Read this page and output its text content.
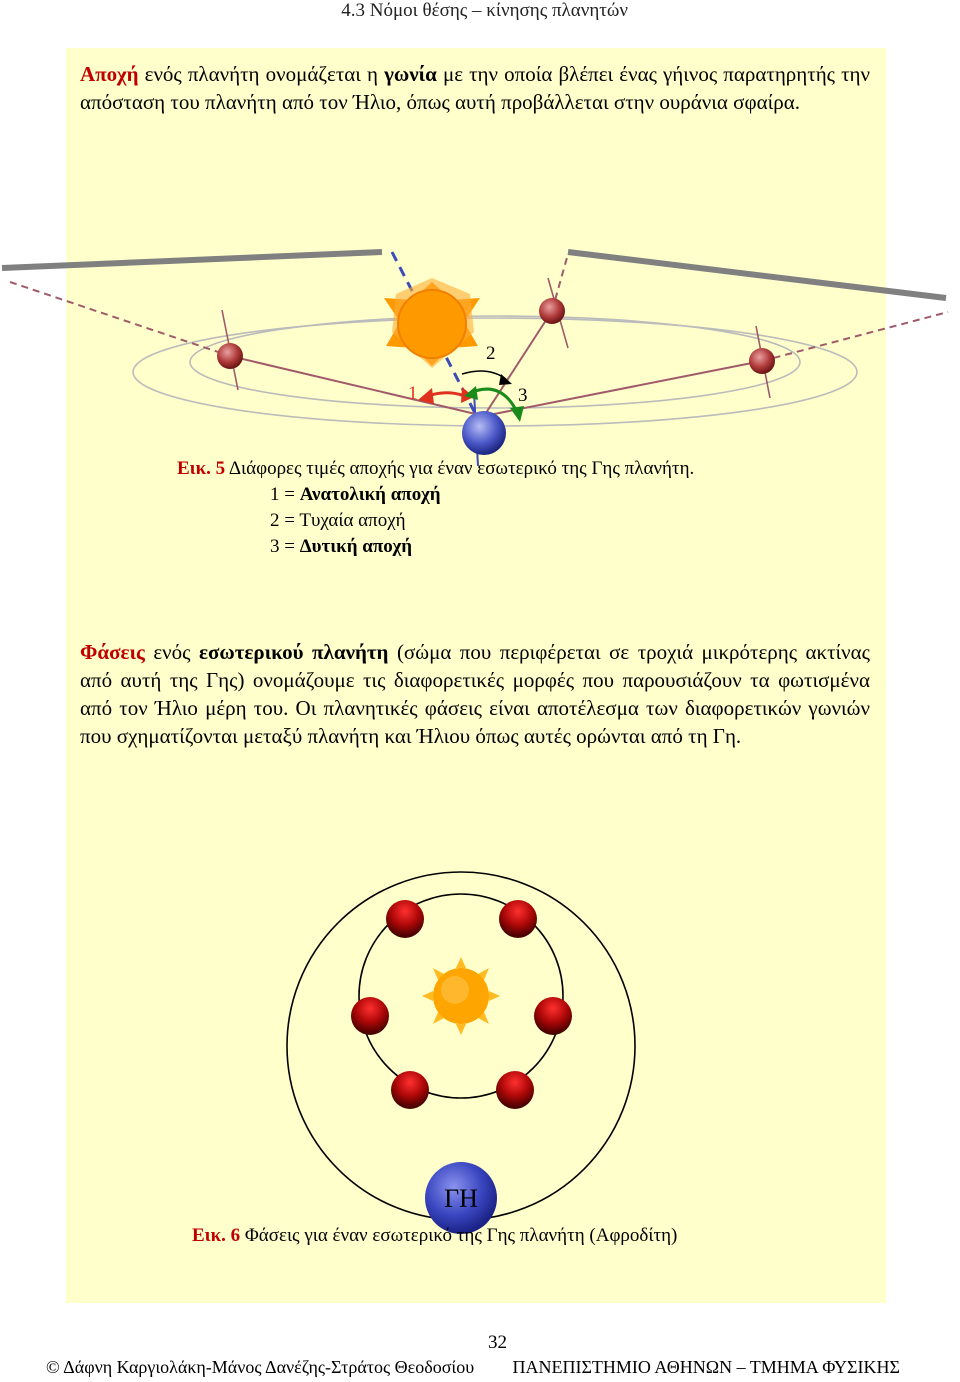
4.3 Νόμοι θέσης – κίνησης πλανητών
Αποχή ενός πλανήτη ονομάζεται η γωνία με την οποία βλέπει ένας γήινος παρατηρητής την απόσταση του πλανήτη από τον Ήλιο, όπως αυτή προβάλλεται στην ουράνια σφαίρα.
1
2
3
Εικ. 5 Διάφορες τιμές αποχής για έναν εσωτερικό της Γης πλανήτη.
1 = Ανατολική αποχή
2 = Τυχαία αποχή
3 = Δυτική αποχή
Φάσεις ενός εσωτερικού πλανήτη (σώμα που περιφέρεται σε τροχιά μικρότερης ακτίνας από αυτή της Γης) ονομάζουμε τις διαφορετικές μορφές που παρουσιάζουν τα φωτισμένα από τον Ήλιο μέρη του. Οι πλανητικές φάσεις είναι αποτέλεσμα των διαφορετικών γωνιών που σχηματίζονται μεταξύ πλανήτη και Ήλιου όπως αυτές ορώνται από τη Γη.
ΓΗ
Εικ. 6 Φάσεις για έναν εσωτερικό της Γης πλανήτη (Αφροδίτη)
32
© Δάφνη Καργιολάκη-Μάνος Δανέζης-Στράτος Θεοδοσίου ΠΑΝΕΠΙΣΤΗΜΙΟ ΑΘΗΝΩΝ – ΤΜΗΜΑ ΦΥΣΙΚΗΣ
